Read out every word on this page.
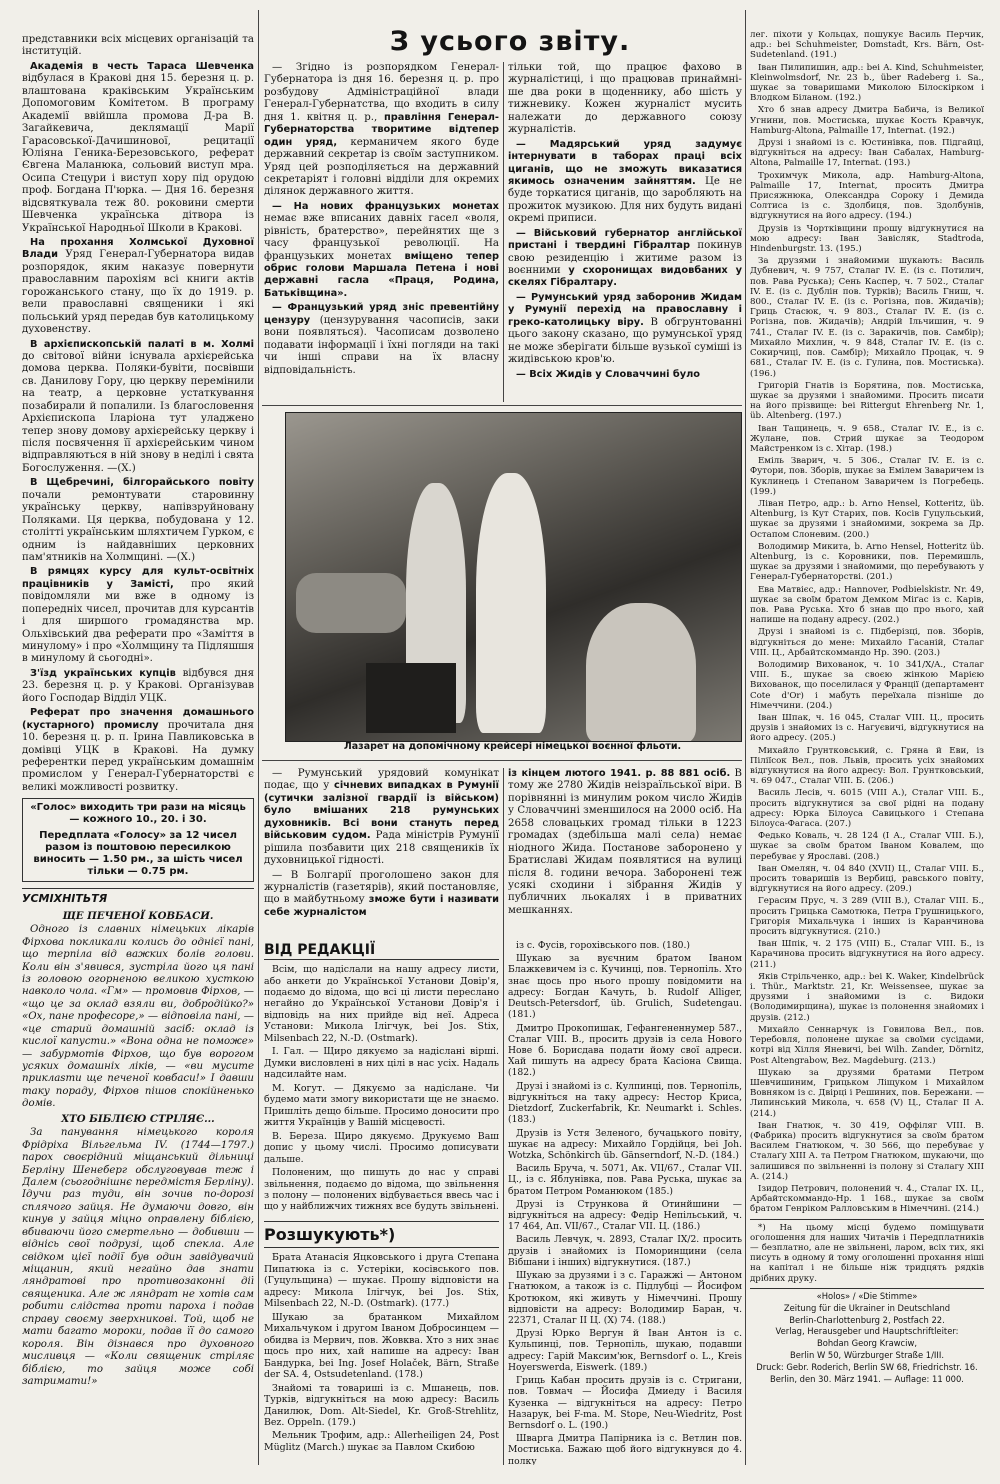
З усього звіту.

представники всіх місцевих організацій та інституцій.

Академія в честь Тараса Шевченка відбулася в Кракові дня 15. березня ц. р. влаштована краківським Українським Допомоговим Комітетом. В програму Академії ввійшла промова Д-ра В. Загайкевича, деклямації Марії Гарасовської-Дачишинової, рецитації Юліяна Геника-Березовського, реферат Євгена Маланюка, сольовий виступ мра. Осипа Стецури і виступ хору під орудою проф. Богдана П'юрка. — Дня 16. березня відсвяткувала теж 80. роковини смерти Шевченка українська дітвора із Української Народньої Школи в Кракові.

На прохання Холмської Духовної Влади Уряд Генерал-Губернатора видав розпорядок, яким наказує повернути православним парохіям всі книги актів горожанського стану, що їх до 1919. р. вели православні священики і які польський уряд передав був католицькому духовенству.

В архієпископській палаті в м. Холмі до світової війни існувала архієрейська домова церква. Поляки-бувіти, посвівши св. Данилову Гору, цю церкву перемінили на театр, а церковне устаткування позабирали й попалили. Із благословення Архієпископа Іларіона тут уладжено тепер знову домову архієрейську церкву і після посвячення її архієрейським чином відправляються в ній знову в неділі і свята Богослуження. —(Х.)

В Щебречині, білгорайського повіту почали ремонтувати старовинну українську церкву, напівзруйновану Поляками. Ця церква, побудована у 12. столітті українським шляхтичем Гурком, є одним із найдавніших церковних пам'ятників на Холмщині. —(Х.)

В рямцях курсу для культ-освітніх працівників у Замісті, про який повідомляли ми вже в одному із попередніх чисел, прочитав для курсантів і для ширшого громадянства мр. Ольхівський два реферати про «Заміття в минулому» і про «Холмщину та Підляшшя в минулому й сьогодні».

З'їзд українських купців відбувся дня 23. березня ц. р. у Кракові. Організував його Господар Відділ УЦК.

Реферат про значення домашнього (кустарного) промислу прочитала дня 10. березня ц. р. п. Ірина Павликовська в домівці УЦК в Кракові. На думку референтки перед українським домашнім промислом у Генерал-Губернаторстві є великі можливості розвитку.

«Голос» виходить три рази на місяць — кожного 10., 20. і 30.
Передплата «Голосу» за 12 чисел разом із поштовою пересилкою виносить — 1.50 рм., за шість чисел тільки — 0.75 рм.
УСМІХНІТЬТЯ

ЩЕ ПЕЧЕНОЇ КОВБАСИ.

Одного із славних німецьких лікарів Фірхова покликали колись до однієї пані, що терпіла від важких болів голови. Коли він з'явився, зустріла його ця пані із головою огорненою великою хусткою навколо чола. «Гм» — промовив Фірхов, — «що це за оклад взяли ви, добродійко?» «Ох, пане професоре,» — відповіла пані, — «це старий домашній засіб: оклад із кислої капусти.» «Вона одна не поможе» — забурмотів Фірхов, що був ворогом усяких домашніх ліків, — «ви мусите приклasти ще печеної ковбаси!» І давши таку пораду, Фірхов пішов спокійненько домів.

ХТО БІБЛІЄЮ СТРІЛЯЄ...

За панування німецького короля Фрідріха Вільгельма IV. (1744—1797.) парох своєрідний міщанський дільниці Берліну Шенеберг обслуговував теж і Далем (сьогоднішнє передмістя Берліну). Ідучи раз туди, він зочив по-дорозі сплячого зайця. Не думаючи довго, він кинув у зайця міцно оправлену біблією, вбиваючи його смертельно — добивши — віднісь свої подрузі, щоб спекла. Але свідком цієї події був один завідувачий міщанин, який негайно дав знати ляндратові про противозаконні дії священика. Але ж ляндрат не хотів сам робити слідства проти пароха і подав справу своєму зверхникові. Той, щоб не мати багато мороки, подав її до самого короля. Він дізнався про духовного мисливця — «Коли священик стріляє біблією, то зайця може собі затримати!»

— Згідно із розпорядком Генерал-Губернатора із дня 16. березня ц. р. про розбудову Адміністраційної влади Генерал-Губернатства, що входить в силу дня 1. квітня ц. р., правління Генерал-Губернаторства творитиме відтепер один уряд, керманичем якого буде державний секретар із своїм заступником. Уряд цей розподіляється на державний секретаріят і головні відділи для окремих ділянок державного життя.

— На нових французьких монетах немає вже вписаних давніх гасел «воля, рівність, братерство», перейнятих ще з часу французької революції. На французьких монетах вміщено тепер обрис голови Маршала Петена і нові державні гасла «Праця, Родина, Батьківщина».

— Французький уряд зніс превентійну цензуру (цензурування часописів, заки вони появляться). Часописам дозволено подавати інформації і їхні погляди на такі чи інші справи на їх власну відповідальність.

тільки той, що працює фахово в журналістиці, і що працював принаймні-ше два роки в щоденнику, або шість у тижневику. Кожен журналіст мусить належати до державного союзу журналістів.

— Мадярський уряд задумує інтернувати в таборах праці всіх циганів, що не зможуть виказатися якимось означеним зайняттям. Це не буде торкатися циганів, що заробляють на прожиток музикою. Для них будуть видані окремі приписи.

— Військовий губернатор англійської пристані і твердині Гібралтар покинув свою резиденцію і житиме разом із воєнними у схоронищах видовбаних у скелях Гібралтару.

— Румунський уряд заборонив Жидам у Румунії перехід на православну і греко-католицьку віру. В обгрунтованні цього закону сказано, що румунської уряд не може зберігати більше вузької суміші із жидівською кров'ю.

— Всіх Жидів у Словаччині було

Лазарет на допомічному крейсері німецької воєнної фльоти.

— Румунський урядовий комунікат подає, що у січневих випадках в Румунії (сутички залізної гвардії із військом) було вмішаних 218 румунських духовників. Всі вони стануть перед військовим судом. Рада міністрів Румунії рішила позбавити цих 218 священиків їх духовницької гідності.

— В Болгарії проголошено закон для журналістів (газетярів), який постановляє, що в майбутньому зможе бути і називати себе журналістом

із кінцем лютого 1941. р. 88 881 осіб. В тому же 2780 Жидів неізраїльської віри. В порівнянні із минулим роком число Жидів у Словаччині зменшилося на 2000 осіб. На 2658 словацьких громад тільки в 1223 громадах (здебільша малі села) немає ніодного Жида. Постанове заборонено у Братиславі Жидам появлятися на вулиці після 8. години вечора. Заборонені теж усякі сходини і зібрання Жидів у публичних льокалях і в приватних мешканнях.

ВІД РЕДАКЦІЇ

Всім, що надіслали на нашу адресу листи, або анкети до Української Установи Довір'я, подаємо до відома, що всі ці листи переслано негайно до Української Установи Довір'я і відповідь на них прийде від неї. Адреса Установи: Микола Ілігчук, bei Jos. Stix, Milsenbach 22, N.-D. (Ostmark).

І. Гал. — Щиро дякуємо за надіслані вірші. Думки висловлені в них цілі в нас усіх. Надаль надсилайте нам.

М. Когут. — Дякуємо за надіслане. Чи будемо мати змогу використати ще не знаємо. Пришліть дещо більше. Просимо доносити про життя Українців у Вашій місцевості.

В. Береза. Щиро дякуємо. Друкуємо Ваш допис у цьому числі. Просимо дописувати дальше.

Полоненим, що пишуть до нас у справі звільнення, подаємо до відома, що звільнення з полону — полонених відбувається ввесь час і що у найближчих тижнях все будуть звільнені.

Розшукують*)

Брата Атанасія Яцковського і друга Степана Пипатюка із с. Устеріки, косівського пов. (Гуцульщина) — шукає. Прошу відповісти на адресу: Микола Ілігчук, bei Jos. Stix, Milsenbach 22, N.-D. (Ostmark). (177.)

Шукаю за братанком Михайлом Михальчуком і другом Іваном Добросинцем — обидва із Мервич, пов. Жовква. Хто з них знає щось про них, хай напише на адресу: Іван Бандурка, bei Ing. Josef Holaček, Bärn, Straße der SA. 4, Ostsudetenland. (178.)

Знайомі та товариші із с. Мшанець, пов. Турків, відгукніться на мою адресу: Василь Данилюк, Dom. Alt-Siedel, Kr. Groß-Strehlitz, Bez. Oppeln. (179.)

Мельник Трофим, адр.: Allerheiligen 24, Post Müglitz (March.) шукає за Павлом Скибою

із с. Фусів, горохівського пов. (180.)

Шукаю за вуєчним братом Іваном Блажкевичем із с. Кучинці, пов. Тернопіль. Хто знає щось про нього прошу повідомити на адресу: Богдан Качуть, b. Rudolf Alliger, Deutsch-Petersdorf, üb. Grulich, Sudetengau. (181.)

Дмитро Прокопишак, Гефангененнумер 587., Сталаг VIII. В., просить друзів із села Нового Нове б. Борисдава подати йому свої адреси. Хай пишуть на адресу брата Касіона Свища. (182.)

Друзі і знайомі із с. Кулпинці, пов. Тернопіль, відгукніться на таку адресу: Нестор Криса, Dietzdorf, Zuckerfabrik, Kr. Neumarkt i. Schles. (183.)

Друзів із Устя Зеленого, бучацького повіту, шукає на адресу: Михайло Гордійця, bei Joh. Wotzka, Schönkirch üb. Gänserndorf, N.-D. (184.)

Василь Бруча, ч. 5071, Ак. VII/67., Сталаг VII. Ц., із с. Яблунівка, пов. Рава Руська, шукає за братом Петром Романюком (185.)

Друзі із Стрункова й Отинйшини — відгукніться на адресу: Федір Непільський, ч. 17 464, Ап. VII/67., Сталаг VII. Ц. (186.)

Василь Левчук, ч. 2893, Сталаг IX/2. просить друзів і знайомих із Поморинщини (села Вібшани і інших) відгукнутися. (187.)

Шукаю за друзями і з с. Гаражжі — Антоном Гнатюком, а також із с. Підлубці — Йосифом Кротюком, які живуть у Німеччині. Прошу відповісти на адресу: Володимир Баран, ч. 22371, Сталаг II Ц. (X) 74. (188.)

Друзі Юрко Вергун й Іван Антон із с. Кульпинці, пов. Тернопіль, шукаю, подавши адресу: Гарій Максим'юк, Bernsdorf o. L., Kreis Hoyerswerda, Eiswerk. (189.)

Гриць Кабан просить друзів із с. Стригани, пов. Товмач — Йосифа Дмиеду і Василя Кузенка — відгукніться на адресу: Петро Назарук, bei F-ma. M. Stope, Neu-Wiedritz, Post Bernsdorf o. L. (190.)

Шварга Дмитра Папірника із с. Ветлин пов. Мостиська. Бажаю щоб його відгукнувся до 4. полку

лег. піхоти у Кольцах, пошукує Василь Перчик, адр.: bei Schuhmeister, Domstadt, Krs. Bärn, Ost-Sudetenland. (191.)

Іван Пилипишин, адр.: bei A. Kind, Schuhmeister, Kleinwolmsdorf, Nr. 23 b., über Radeberg i. Sa., шукає за товаришами Миколою Білоскірком і Влодком Біланом. (192.)

Хто б знав адресу Дмитра Бабича, із Великої Угнини, пов. Мостиська, шукає Кость Кравчук, Hamburg-Altona, Palmaille 17, Internat. (192.)

Друзі і знайомі із с. Юстинівка, пов. Підгайці, відгукніться на адресу: Іван Сабалах, Hamburg-Altona, Palmaille 17, Internat. (193.)

Трохимчук Микола, адр. Hamburg-Altona, Palmaille 17, Internat, просить Дмитра Присяжнюка, Олександра Сороку і Демида Солтиса із с. Здолбиця, пов. Здолбунів, відгукнутися на його адресу. (194.)

Друзів із Чортківщини прошу відгукнутися на мою адресу: Іван Завісляк, Stadtroda, Hindenburgstr. 13. (195.)

За друзями і знайомими шукають: Василь Дубневич, ч. 9 757, Сталаг IV. Е. (із с. Потилич, пов. Рава Руська); Сень Каспер, ч. 7 502., Сталаг IV. Е. (із с. Дублін пов. Турків); Василь Гниш, ч. 800., Сталаг IV. Е. (із с. Рогізна, пов. Жидачів); Гриць Стасюк, ч. 9 803., Сталаг IV. Е. (із с. Рогізна, пов. Жидачів); Андрій Ільчишин, ч. 9 741., Сталаг IV. Е. (із с. Заракичів, пов. Самбір); Михайло Михлин, ч. 9 848, Сталаг IV. Е. (із с. Сокирчиці, пов. Самбір); Михайло Процак, ч. 9 681., Сталаг IV. Е. (із с. Гулина, пов. Мостиська). (196.)

Григорій Гнатів із Борятина, пов. Мостиська, шукає за друзями і знайомими. Просить писати на його прізвище: bei Rittergut Ehrenberg Nr. 1, üb. Altenberg. (197.)

Іван Тащинець, ч. 9 658., Сталаг IV. Е., із с. Жулане, пов. Стрий шукає за Теодором Майстренком із с. Хітар. (198.)

Еміль Зварич, ч. 5 306., Сталаг IV. Е. із с. Футори, пов. Зборів, шукає за Емілем Заваричем із Куклинець і Степаном Заваричем із Погребець. (199.)

Ліван Петро, адр.: b. Arno Hensel, Kotteritz, üb. Altenburg, із Кут Старих, пов. Косів Гуцульський, шукає за друзями і знайомими, зокрема за Др. Остапом Слоневим. (200.)

Володимир Микита, b. Arno Hensel, Hotteritz üb. Altenburg, із с. Коровники, пов. Перемишль, шукає за друзями і знайомими, що перебувають у Генерал-Губернаторстві. (201.)

Ева Матвієс, адр.: Hannover, Podbielskistr. Nr. 49, шукає за своїм братом Демком Міґас із с. Карів, пов. Рава Руська. Хто б знав що про нього, хай напише на подану адресу. (202.)

Друзі і знайомі із с. Підберізці, пов. Зборів, відгукніться до мене: Михайло Гасаній, Сталаг VIII. Ц., Арбайтскоммандо Нр. 390. (203.)

Володимир Вихованок, ч. 10 341/X/A., Сталаг VIII. Б., шукає за своєю жінкою Марією Вихованок, що поселилася у Франції (департамент Cote d'Or) і мабуть переїхала пізніше до Німеччини. (204.)

Іван Шпак, ч. 16 045, Сталаг VIII. Ц., просить друзів і знайомих із с. Нагуєвичі, відгукнутися на його адресу. (205.)

Михайло Грунтковський, с. Гряна й Еви, із Піліїсок Вел., пов. Львів, просить усіх знайомих відгукнутися на його адресу: Вол. Грунтковський, ч. 69 047., Сталаг VIII. Б. (206.)

Василь Лесів, ч. 6015 (VIII А.), Сталаг VIII. Б., просить відгукнутися за свої рідні на подану адресу: Юрка Білоуса Савицького і Степана Білоуса-Фагаса. (207.)

Федько Коваль, ч. 28 124 (І А., Сталаг VIII. Б.), шукає за своїм братом Іваном Ковалем, що перебуває у Ярославі. (208.)

Іван Омелян, ч. 04 840 (XVII) Ц., Сталаг VIII. Б., просить товаришів із Вербиці, равського повіту, відгукнутися на його адресу. (209.)

Герасим Прус, ч. 3 289 (VIII В.), Сталаг VIII. Б., просить Грицька Самотюка, Петра Грушницького, Григорія Михальчука і інших із Каранчинова просить відгукнутися. (210.)

Іван Шпік, ч. 2 175 (VIII) Б., Сталаг VIII. Б., із Карачинова просить відгукнутися на його адресу. (211.)

Яків Стрільченко, адр.: bei K. Waker, Kindelbrück i. Thür., Marktstr. 21, Kr. Weissensee, шукає за друзями і знайомими із с. Видоки (Володимирщина), шукає із полонення знайомих і друзів. (212.)

Михайло Сеннарчук із Говилова Вел., пов. Теребовля, полонене шукає за своїми сусідами, котрі від Хілля Яневичі, bei Wilh. Zander, Dörnitz, Post Altengrabow, Bez. Magdeburg. (213.)

Шукаю за друзями братами Петром Шевчишиним, Грицьком Ліщуком і Михайлом Вовняком із с. Двірці і Решиних, пов. Бережани. — Липинський Микола, ч. 658 (V) Ц., Сталаг ІІ А. (214.)

Іван Гнатюк, ч. 30 419, Оффіляг VIII. В. (Фабрика) просить відгукнутися за своїм братом Василем Гнатюком, ч. 30 566, що перебуває у Сталаґу XIII А. та Петром Гнатюком, шукаючи, що залишився по звільненні із полону зі Сталагу XIII А. (214.)

Ізидор Петрович, полонений ч. 4., Сталаг IX. Ц., Арбайтскоммандо-Нр. 1 168., шукає за своїм братом Генріком Ралловським в Німеччині. (214.)

*) На цьому місці будемо поміщувати оголошення для наших Читачів і Передплатників — безплатно, але не звільнені, ларом, всіх тих, які писуть в одному й тому оголошенні прохання ніші на капітал і не більше ніж тридцять рядків дрібних друку.

«Holos» / «Die Stimme»

Zeitung für die Ukrainer in Deutschland

Berlin-Charlottenburg 2, Postfach 22.

Verlag, Herausgeber und Hauptschriftleiter:

Bohdan Georg Krawciw,

Berlin W 50, Würzburger Straße 1/III.

Druck: Gebr. Roderich, Berlin SW 68, Friedrichstr. 16.

Berlin, den 30. März 1941. — Auflage: 11 000.
